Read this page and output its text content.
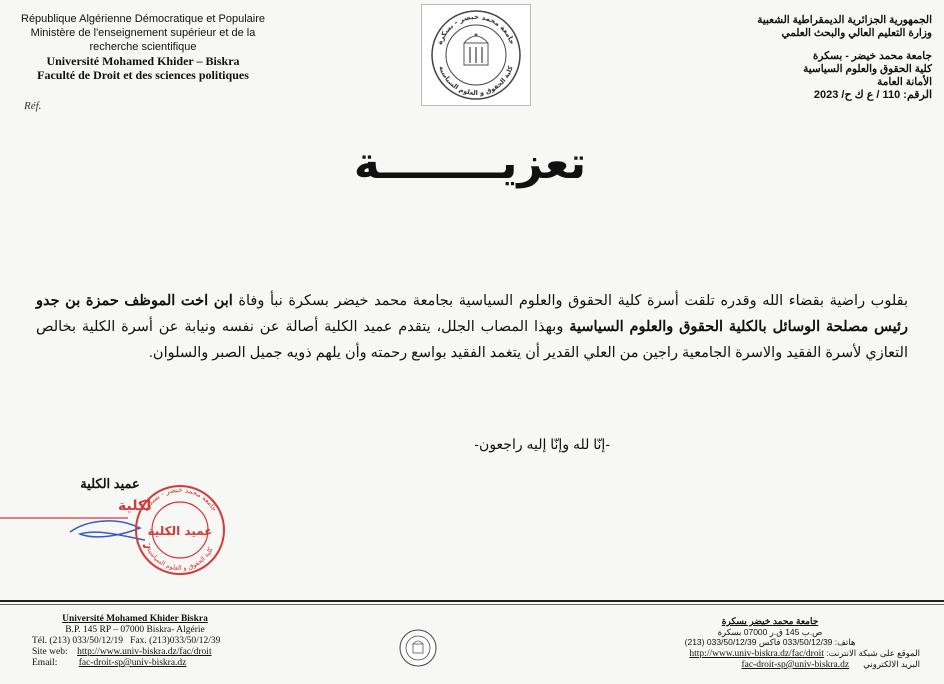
République Algérienne Démocratique et Populaire
Ministère de l'enseignement supérieur et de la
recherche scientifique
Université Mohamed Khider – Biskra
Faculté de Droit et des sciences politiques
Réf.
جامعة محمد خيضر - بسكرة
كلية الحقوق و العلوم السياسية
الجمهورية الجزائرية الديمقراطية الشعبية
وزارة التعليم العالي والبحث العلمي
جامعة محمد خيضر - بسكرة
كلية الحقوق والعلوم السياسية
الأمانة العامة
الرقم: 110 / ع ك ح/ 2023
تعزيــــــــة
بقلوب راضية بقضاء الله وقدره تلقت أسرة كلية الحقوق والعلوم السياسية بجامعة محمد خيضر بسكرة نبأ وفاة ابن اخت الموظف حمزة بن جدو رئيس مصلحة الوسائل بالكلية الحقوق والعلوم السياسية وبهذا المصاب الجلل، يتقدم عميد الكلية أصالة عن نفسه ونيابة عن أسرة الكلية بخالص التعازي لأسرة الفقيد والاسرة الجامعية راجين من العلي القدير أن يتغمد الفقيد بواسع رحمته وأن يلهم ذويه جميل الصبر والسلوان.
-إنّا لله وإنّا إليه راجعون-
عميد الكلية
لكلية
ف
جامعة محمد خيضر - بسكرة
كلية الحقوق و العلوم السياسية
عميد الكلية
Université Mohamed Khider Biskra
B.P. 145 RP – 07000 Biskra- Algérie
Tél. (213) 033/50/12/19 Fax. (213)033/50/12/39
Site web: http://www.univ-biskra.dz/fac/droit
Email: fac-droit-sp@univ-biskra.dz
جامعة محمد خيضر بسكرة
ص.ب 145 ق.ر 07000 بسكرة
هاتف: 033/50/12/39 فاكس 033/50/12/39 (213)
الموقع على شبكة الانترنت: http://www.univ-biskra.dz/fac/droit
البريد الالكتروني      fac-droit-sp@univ-biskra.dz
